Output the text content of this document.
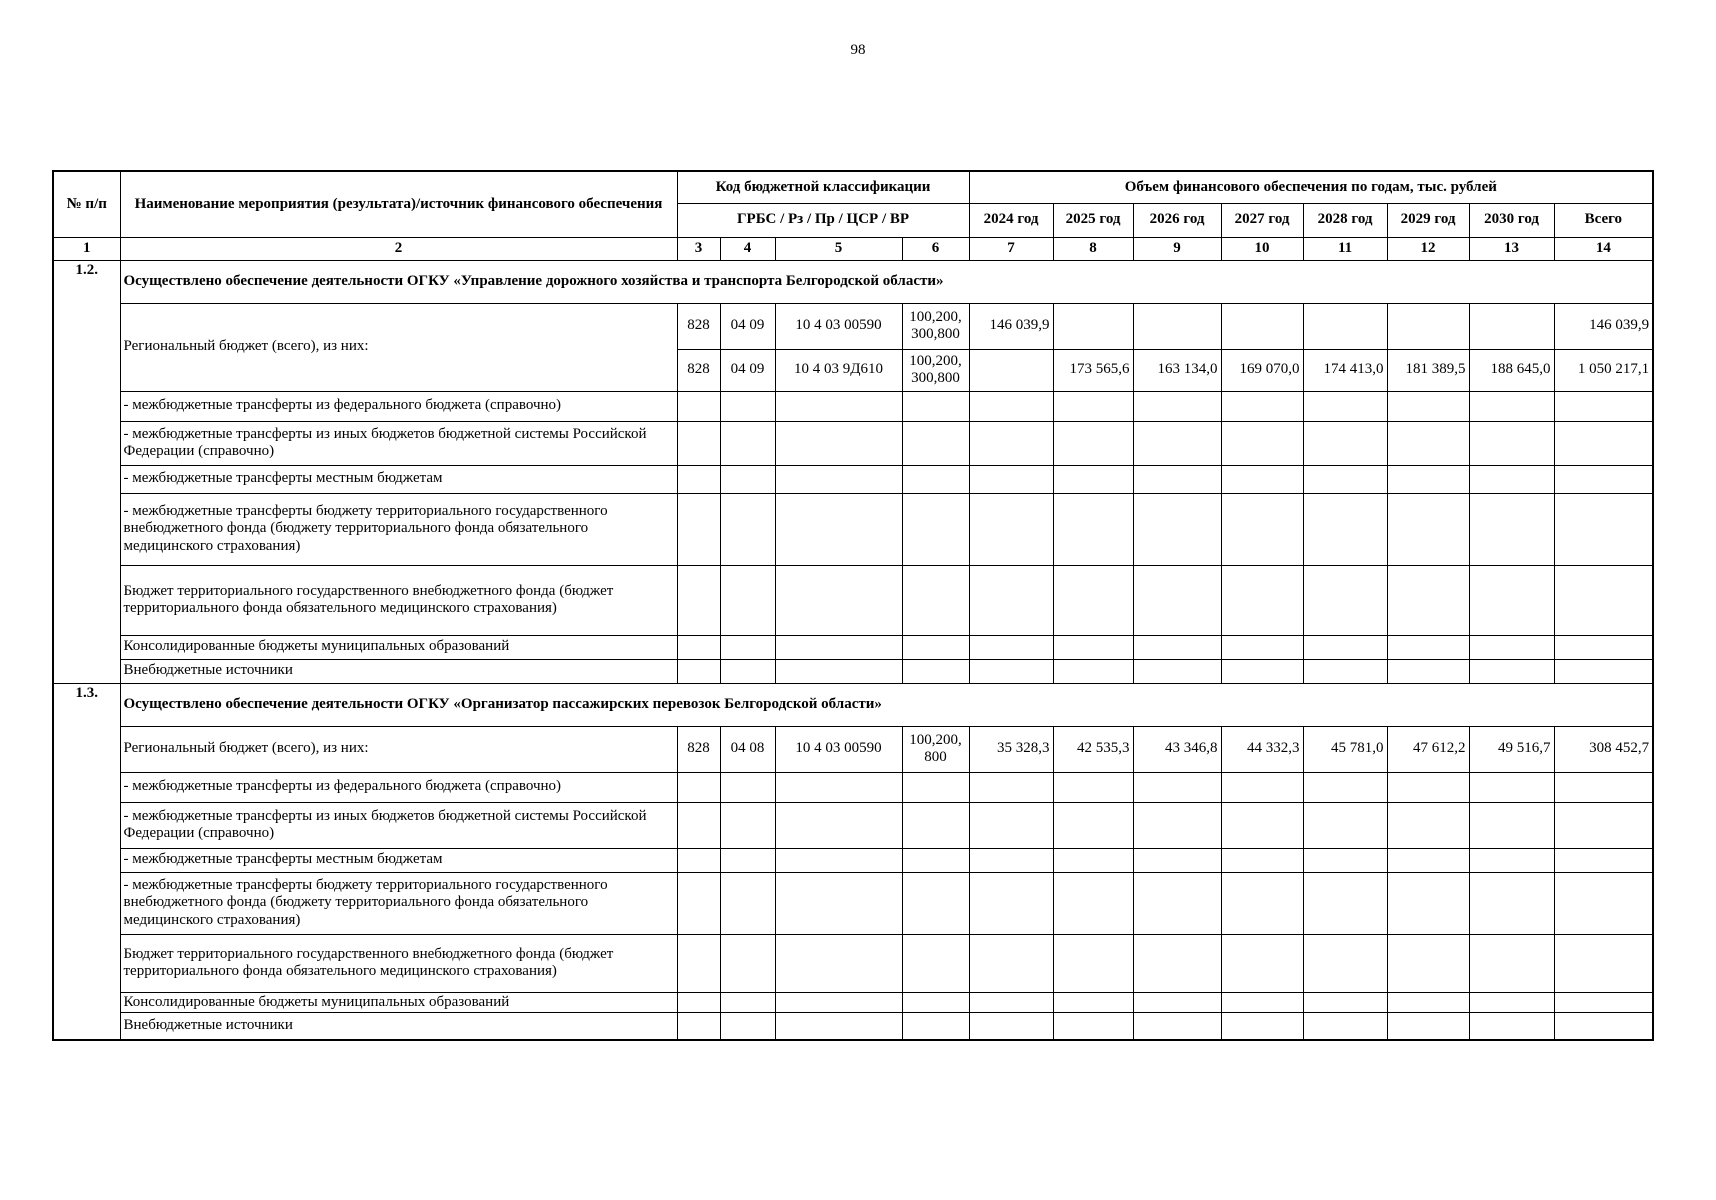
98
№ п/п	Наименование мероприятия (результата)/источник финансового обеспечения	Код бюджетной классификации				Объем финансового обеспечения по годам, тыс. рублей							
		ГРБС / Рз / Пр / ЦСР / ВР				2024 год	2025 год	2026 год	2027 год	2028 год	2029 год	2030 год	Всего
1	2	3	4	5	6	7	8	9	10	11	12	13	14
1.2.	Осуществлено обеспечение деятельности ОГКУ «Управление дорожного хозяйства и транспорта Белгородской области»												
	Региональный бюджет (всего), из них:	828	04 09	10 4 03 00590	100,200, 300,800	146 039,9							146 039,9
		828	04 09	10 4 03 9Д610	100,200, 300,800		173 565,6	163 134,0	169 070,0	174 413,0	181 389,5	188 645,0	1 050 217,1
	- межбюджетные трансферты из федерального бюджета (справочно)												
	- межбюджетные трансферты из иных бюджетов бюджетной системы Российской Федерации (справочно)												
	- межбюджетные трансферты местным бюджетам												
	- межбюджетные трансферты бюджету территориального государственного внебюджетного фонда (бюджету территориального фонда обязательного медицинского страхования)												
	Бюджет территориального государственного внебюджетного фонда (бюджет территориального фонда обязательного медицинского страхования)												
	Консолидированные бюджеты муниципальных образований												
	Внебюджетные источники												
1.3.	Осуществлено обеспечение деятельности ОГКУ «Организатор пассажирских перевозок Белгородской области»												
	Региональный бюджет (всего), из них:	828	04 08	10 4 03 00590	100,200, 800	35 328,3	42 535,3	43 346,8	44 332,3	45 781,0	47 612,2	49 516,7	308 452,7
	- межбюджетные трансферты из федерального бюджета (справочно)												
	- межбюджетные трансферты из иных бюджетов бюджетной системы Российской Федерации (справочно)												
	- межбюджетные трансферты местным бюджетам												
	- межбюджетные трансферты бюджету территориального государственного внебюджетного фонда (бюджету территориального фонда обязательного медицинского страхования)												
	Бюджет территориального государственного внебюджетного фонда (бюджет территориального фонда обязательного медицинского страхования)												
	Консолидированные бюджеты муниципальных образований												
	Внебюджетные источники												
